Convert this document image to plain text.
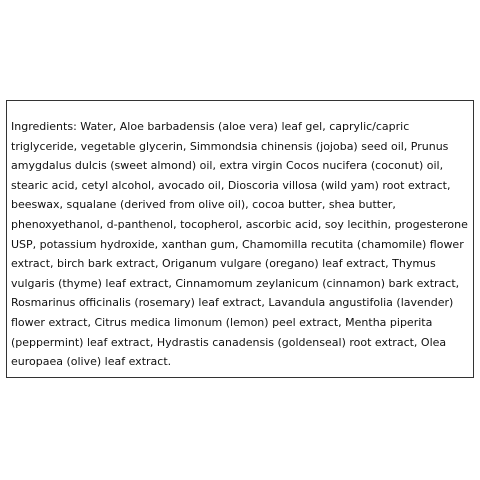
Ingredients: Water, Aloe barbadensis (aloe vera) leaf gel, caprylic/capric triglyceride, vegetable glycerin, Simmondsia chinensis (jojoba) seed oil, Prunus amygdalus dulcis (sweet almond) oil, extra virgin Cocos nucifera (coconut) oil, stearic acid, cetyl alcohol, avocado oil, Dioscoria villosa (wild yam) root extract, beeswax, squalane (derived from olive oil), cocoa butter, shea butter, phenoxyethanol, d-panthenol, tocopherol, ascorbic acid, soy lecithin, progesterone USP, potassium hydroxide, xanthan gum, Chamomilla recutita (chamomile) flower extract, birch bark extract, Origanum vulgare (oregano) leaf extract, Thymus vulgaris (thyme) leaf extract, Cinnamomum zeylanicum (cinnamon) bark extract, Rosmarinus officinalis (rosemary) leaf extract, Lavandula angustifolia (lavender) flower extract, Citrus medica limonum (lemon) peel extract, Mentha piperita (peppermint) leaf extract, Hydrastis canadensis (goldenseal) root extract, Olea europaea (olive) leaf extract.
